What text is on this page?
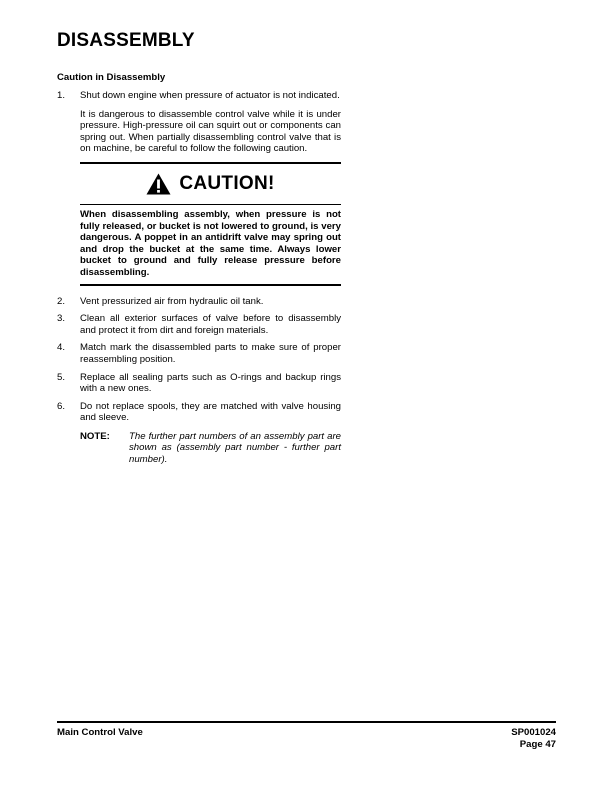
DISASSEMBLY
Caution in Disassembly
1.	Shut down engine when pressure of actuator is not indicated.

It is dangerous to disassemble control valve while it is under pressure. High-pressure oil can squirt out or components can spring out. When partially disassembling control valve that is on machine, be careful to follow the following caution.

CAUTION!

When disassembling assembly, when pressure is not fully released, or bucket is not lowered to ground, is very dangerous. A poppet in an antidrift valve may spring out and drop the bucket at the same time. Always lower bucket to ground and fully release pressure before disassembling.

2.	Vent pressurized air from hydraulic oil tank.

3.	Clean all exterior surfaces of valve before to disassembly and protect it from dirt and foreign materials.

4.	Match mark the disassembled parts to make sure of proper reassembling position.

5.	Replace all sealing parts such as O-rings and backup rings with a new ones.

6.	Do not replace spools, they are matched with valve housing and sleeve.

NOTE:	The further part numbers of an assembly part are shown as (assembly part number - further part number).

Main Control Valve	SP001024
Page 47
